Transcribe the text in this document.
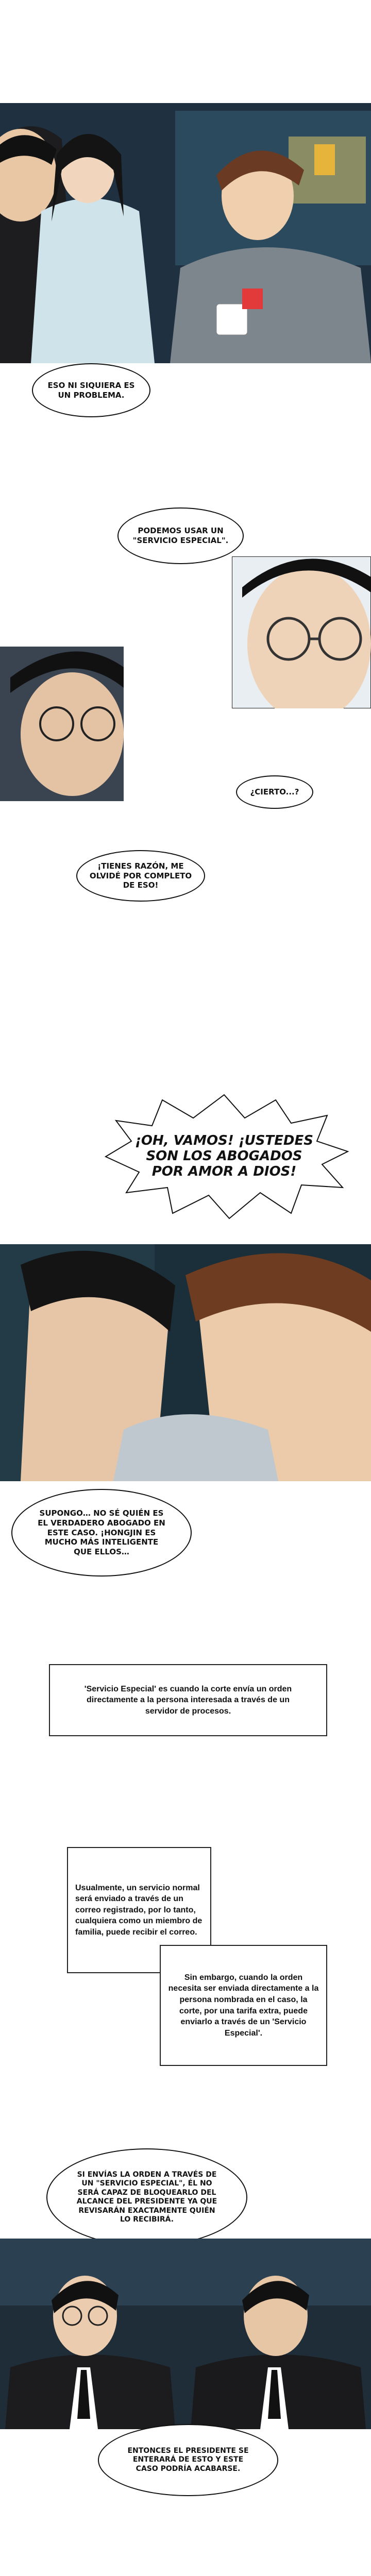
ESO NI SIQUIERA ES UN PROBLEMA.
PODEMOS USAR UN "SERVICIO ESPECIAL".
¿CIERTO...?
¡TIENES RAZÓN, ME OLVIDÉ POR COMPLETO DE ESO!
¡OH, VAMOS! ¡USTEDES SON LOS ABOGADOS POR AMOR A DIOS!
SUPONGO… NO SÉ QUIÉN ES EL VERDADERO ABOGADO EN ESTE CASO. ¡HONGJIN ES MUCHO MÁS INTELIGENTE QUE ELLOS…
'Servicio Especial' es cuando la corte envía un orden directamente a la persona interesada a través de un servidor de procesos.
Usualmente, un servicio normal será enviado a través de un correo registrado, por lo tanto, cualquiera como un miembro de familia, puede recibir el correo.
Sin embargo, cuando la orden necesita ser enviada directamente a la persona nombrada en el caso, la corte, por una tarifa extra, puede enviarlo a través de un 'Servicio Especial'.
SI ENVÍAS LA ORDEN A TRAVÉS DE UN "SERVICIO ESPECIAL", ÉL NO SERÁ CAPAZ DE BLOQUEARLO DEL ALCANCE DEL PRESIDENTE YA QUE REVISARÁN EXACTAMENTE QUIÉN LO RECIBIRÁ.
ENTONCES EL PRESIDENTE SE ENTERARÁ DE ESTO Y ESTE CASO PODRÍA ACABARSE.
